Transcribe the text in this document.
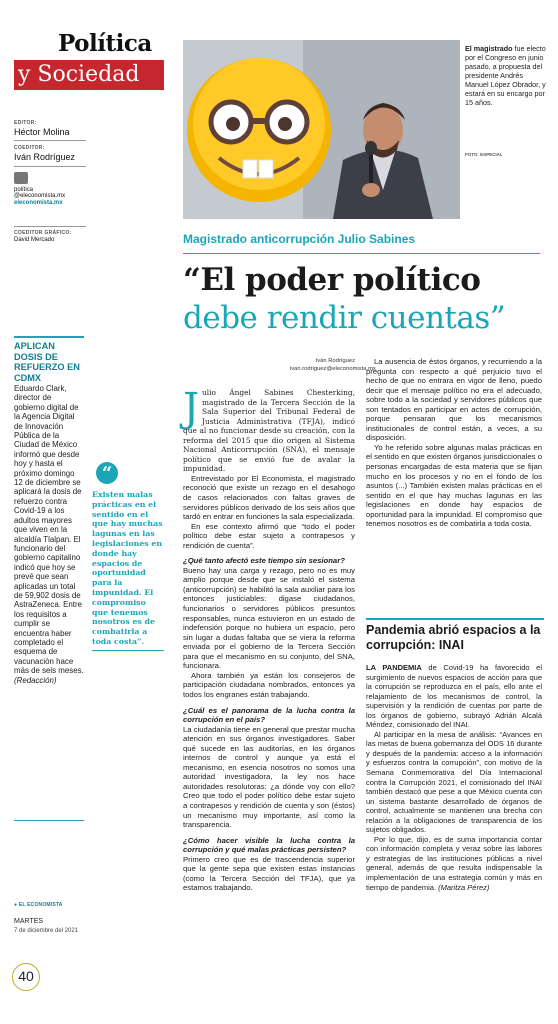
Política
y Sociedad
EDITOR:
Héctor Molina
COEDITOR:
Iván Rodríguez
política @eleconomista.mx
eleconomista.mx
COEDITOR GRÁFICO:
David Mercado
APLICAN DOSIS DE REFUERZO EN CDMX
Eduardo Clark, director de gobierno digital de la Agencia Digital de Innovación Pública de la Ciudad de México informó que desde hoy y hasta el próximo domingo 12 de diciembre se aplicará la dosis de refuerzo contra Covid-19 a los adultos mayores que viven en la alcaldía Tlalpan. El funcionario del gobierno capitalino indicó que hoy se prevé que sean aplicadas un total de 59,902 dosis de AstraZeneca. Entre los requisitos a cumplir se encuentra haber completado el esquema de vacunación hace más de seis meses. (Redacción)
● EL ECONOMISTA
MARTES
7 de diciembre del 2021
40
El magistrado fue electo por el Congreso en junio pasado, a propuesta del presidente Andrés Manuel López Obrador, y estará en su encargo por 15 años.
FOTO: ESPECIAL
Magistrado anticorrupción Julio Sabines
“El poder político
debe rendir cuentas”
“
Existen malas prácticas en el sentido en el que hay muchas lagunas en las legislaciones en donde hay espacios de oportunidad para la impunidad. El compromiso que tenemos nosotros es de combatirla a toda costa”.
Iván Rodríguez
ivan.rodriguez@eleconomista.mx

Julio Ángel Sabines Chesterking, magistrado de la Tercera Sección de la Sala Superior del Tribunal Federal de Justicia Administrativa (TFJA), indicó que al no funcionar desde su creación, con la reforma del 2015 que dio origen al Sistema Nacional Anticorrupción (SNA), el mensaje político que se envió fue de avalar la impunidad.

Entrevistado por El Economista, el magistrado reconoció que existe un rezago en el desahogo de casos relacionados con faltas graves de servidores públicos derivado de los seis años que tardó en entrar en funciones la sala especializada.

En ese contexto afirmó que “todo el poder político debe estar sujeto a contrapesos y rendición de cuenta”.

¿Qué tanto afectó este tiempo sin sesionar?

Bueno hay una carga y rezago, pero no es muy amplio porque desde que se instaló el sistema (anticorrupción) se habilitó la sala auxiliar para los entonces justiciables: digase ciudadanos, funcionarios o servidores públicos presuntos responsables, nunca estuvieron en un estado de indefensión porque no hubiera un espacio, pero sin lugar a dudas faltaba que se viera la reforma enviada por el gobierno de la Tercera Sección para que el mecanismo en su conjunto, del SNA, funcionara.

Ahora también ya están los consejeros de participación ciudadana nombrados, entonces ya todos los engranes están trabajando.

¿Cuál es el panorama de la lucha contra la corrupción en el país?

La ciudadanía tiene en general que prestar mucha atención en sus órganos investigadores. Saber qué sucede en las auditorías, en los órganos internos de control y aunque ya está el mecanismo, en esencia nosotros no somos una autoridad investigadora, la ley nos hace autoridades resolutoras: ¿a dónde voy con ello? Creo que todo el poder político debe estar sujeto a contrapesos y rendición de cuenta y son (éstos) un mecanismo muy importante, así como la transparencia.

¿Cómo hacer visible la lucha contra la corrupción y qué malas prácticas persisten?

Primero creo que es de trascendencia superior que la gente sepa que existen estas instancias (como la Tercera Sección del TFJA), que ya estamos trabajando.

La ausencia de éstos órganos, y recurriendo a la pregunta con respecto a qué perjuicio tuvo el hecho de que no entrara en vigor de lleno, puedo decir que el mensaje político no era el adecuado, sobre todo a la sociedad y servidores públicos que son tentados en participar en actos de corrupción, porque pensaran que los mecanismos institucionales de control están, a veces, a su disposición.

Yo he referido sobre algunas malas prácticas en el sentido en que existen órganos jurisdiccionales o personas encargadas de esta materia que se fijan mucho en los procesos y no en el fondo de los asuntos (...) También existen malas prácticas en el sentido en el que hay muchas lagunas en las legislaciones en donde hay espacios de oportunidad para la impunidad. El compromiso que tenemos nosotros es de combatirla a toda costa.

Pandemia abrió espacios a la corrupción: INAI

LA PANDEMIA de Covid-19 ha favorecido el surgimiento de nuevos espacios de acción para que la corrupción se reproduzca en el país, ello ante el relajamiento de los mecanismos de control, la supervisión y la rendición de cuentas por parte de los órganos de gobierno, subrayó Adrián Alcalá Méndez, comisionado del INAI.

Al participar en la mesa de análisis: “Avances en las metas de buena gobernanza del ODS 16 durante y después de la pandemia: acceso a la información y esfuerzos contra la corrupción”, con motivo de la Semana Conmemorativa del Día Internacional contra la Corrupción 2021, el comisionado del INAI también destacó que pese a que México cuenta con un sistema bastante desarrollado de órganos de control, actualmente se mantienen una brecha con relación a la obligaciones de transparencia de los sujetos obligados.

Por lo que, dijo, es de suma importancia contar con información completa y veraz sobre las labores y estrategias de las instituciones públicas a nivel general, además de que resulta indispensable la implementación de una estrategia común y más en tiempo de pandemia. (Maritza Pérez)
